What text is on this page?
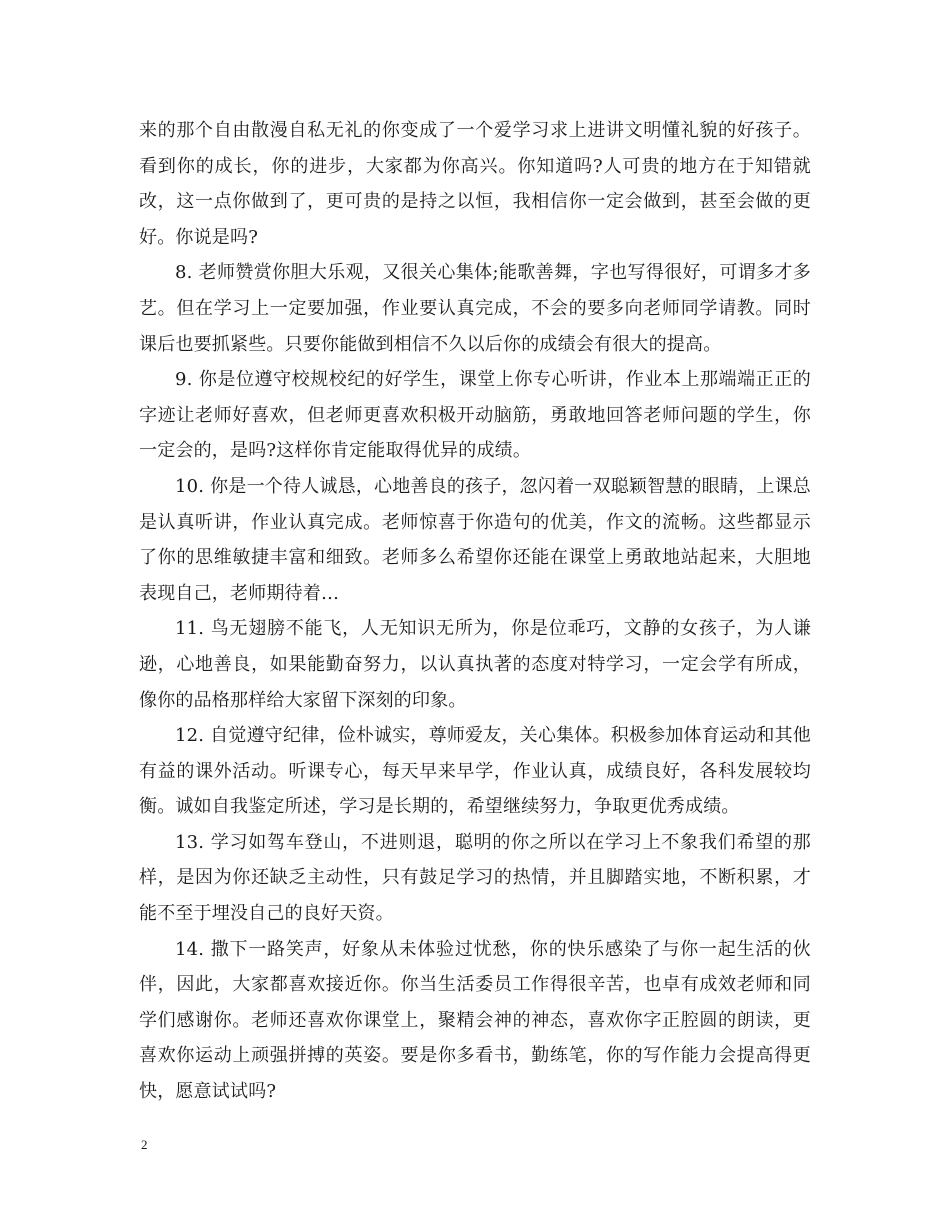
来的那个自由散漫自私无礼的你变成了一个爱学习求上进讲文明懂礼貌的好孩子。看到你的成长，你的进步，大家都为你高兴。你知道吗?人可贵的地方在于知错就改，这一点你做到了，更可贵的是持之以恒，我相信你一定会做到，甚至会做的更好。你说是吗?

8. 老师赞赏你胆大乐观，又很关心集体;能歌善舞，字也写得很好，可谓多才多艺。但在学习上一定要加强，作业要认真完成，不会的要多向老师同学请教。同时课后也要抓紧些。只要你能做到相信不久以后你的成绩会有很大的提高。

9. 你是位遵守校规校纪的好学生，课堂上你专心听讲，作业本上那端端正正的字迹让老师好喜欢，但老师更喜欢积极开动脑筋，勇敢地回答老师问题的学生，你一定会的，是吗?这样你肯定能取得优异的成绩。

10. 你是一个待人诚恳，心地善良的孩子，忽闪着一双聪颖智慧的眼睛，上课总是认真听讲，作业认真完成。老师惊喜于你造句的优美，作文的流畅。这些都显示了你的思维敏捷丰富和细致。老师多么希望你还能在课堂上勇敢地站起来，大胆地表现自己，老师期待着…

11. 鸟无翅膀不能飞，人无知识无所为，你是位乖巧，文静的女孩子，为人谦逊，心地善良，如果能勤奋努力，以认真执著的态度对特学习，一定会学有所成，像你的品格那样给大家留下深刻的印象。

12. 自觉遵守纪律，俭朴诚实，尊师爱友，关心集体。积极参加体育运动和其他有益的课外活动。听课专心，每天早来早学，作业认真，成绩良好，各科发展较均衡。诚如自我鉴定所述，学习是长期的，希望继续努力，争取更优秀成绩。

13. 学习如驾车登山，不进则退，聪明的你之所以在学习上不象我们希望的那样，是因为你还缺乏主动性，只有鼓足学习的热情，并且脚踏实地，不断积累，才能不至于埋没自己的良好天资。

14. 撒下一路笑声，好象从未体验过忧愁，你的快乐感染了与你一起生活的伙伴，因此，大家都喜欢接近你。你当生活委员工作得很辛苦，也卓有成效老师和同学们感谢你。老师还喜欢你课堂上，聚精会神的神态，喜欢你字正腔圆的朗读，更喜欢你运动上顽强拼搏的英姿。要是你多看书，勤练笔，你的写作能力会提高得更快，愿意试试吗?

2
